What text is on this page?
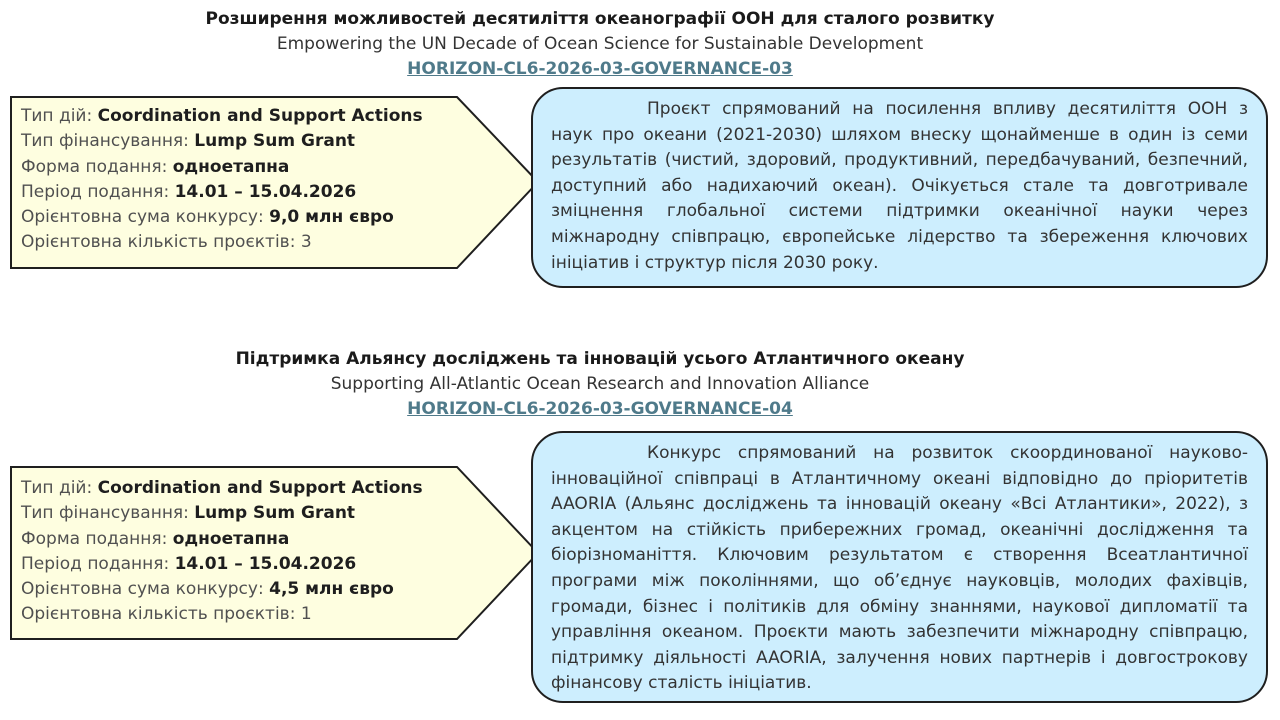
Розширення можливостей десятиліття океанографії ООН для сталого розвитку
Empowering the UN Decade of Ocean Science for Sustainable Development
HORIZON-CL6-2026-03-GOVERNANCE-03
Тип дій: Coordination and Support Actions
Тип фінансування: Lump Sum Grant
Форма подання: одноетапна
Період подання: 14.01 – 15.04.2026
Орієнтовна сума конкурсу: 9,0 млн євро
Орієнтовна кількість проєктів: 3

Проєкт спрямований на посилення впливу десятиліття ООН з наук про океани (2021-2030) шляхом внеску щонайменше в один із семи результатів (чистий, здоровий, продуктивний, передбачуваний, безпечний, доступний або надихаючий океан). Очікується стале та довготривале зміцнення глобальної системи підтримки океанічної науки через міжнародну співпрацю, європейське лідерство та збереження ключових ініціатив і структур після 2030 року.

Підтримка Альянсу досліджень та інновацій усього Атлантичного океану
Supporting All-Atlantic Ocean Research and Innovation Alliance
HORIZON-CL6-2026-03-GOVERNANCE-04
Тип дій: Coordination and Support Actions
Тип фінансування: Lump Sum Grant
Форма подання: одноетапна
Період подання: 14.01 – 15.04.2026
Орієнтовна сума конкурсу: 4,5 млн євро
Орієнтовна кількість проєктів: 1

Конкурс спрямований на розвиток скоординованої науково-інноваційної співпраці в Атлантичному океані відповідно до пріоритетів AAORIA (Альянс досліджень та інновацій океану «Всі Атлантики», 2022), з акцентом на стійкість прибережних громад, океанічні дослідження та біорізноманіття. Ключовим результатом є створення Всеатлантичної програми між поколіннями, що об’єднує науковців, молодих фахівців, громади, бізнес і політиків для обміну знаннями, наукової дипломатії та управління океаном. Проєкти мають забезпечити міжнародну співпрацю, підтримку діяльності AAORIA, залучення нових партнерів і довгострокову фінансову сталість ініціатив.
